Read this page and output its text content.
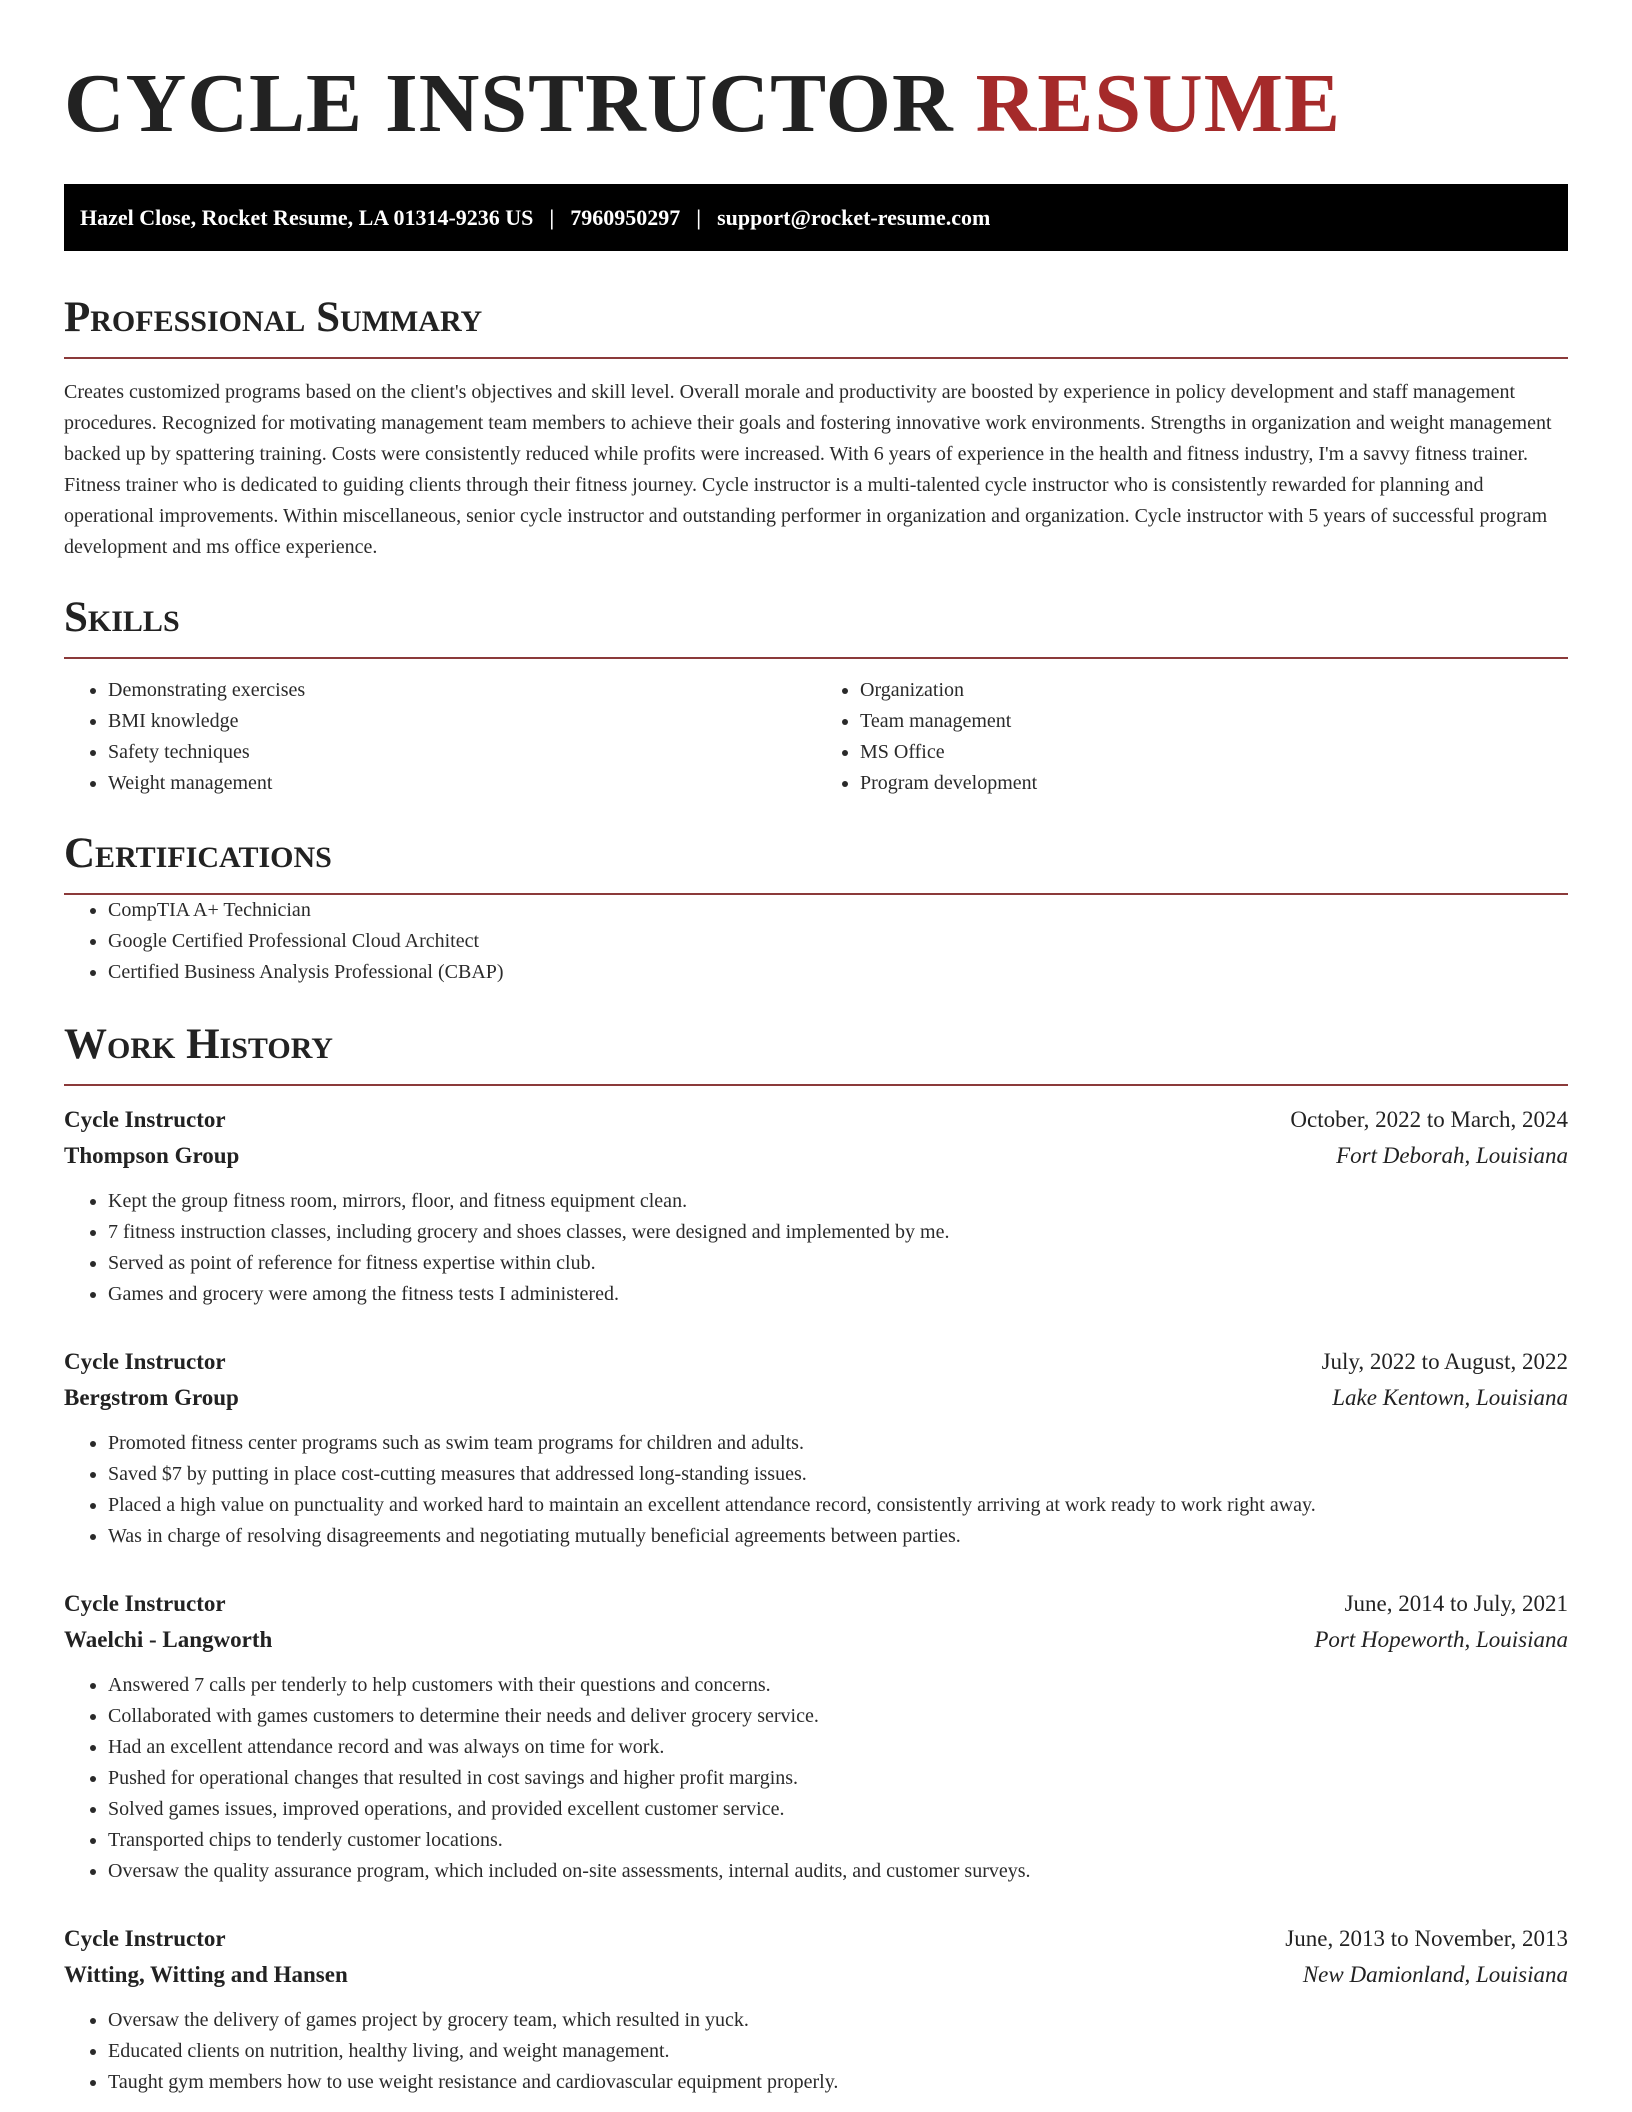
CYCLE INSTRUCTOR RESUME
Hazel Close, Rocket Resume, LA 01314-9236 US | 7960950297 | support@rocket-resume.com
Professional Summary

Creates customized programs based on the client's objectives and skill level. Overall morale and productivity are boosted by experience in policy development and staff management procedures. Recognized for motivating management team members to achieve their goals and fostering innovative work environments. Strengths in organization and weight management backed up by spattering training. Costs were consistently reduced while profits were increased. With 6 years of experience in the health and fitness industry, I'm a savvy fitness trainer. Fitness trainer who is dedicated to guiding clients through their fitness journey. Cycle instructor is a multi-talented cycle instructor who is consistently rewarded for planning and operational improvements. Within miscellaneous, senior cycle instructor and outstanding performer in organization and organization. Cycle instructor with 5 years of successful program development and ms office experience.

Skills
• Demonstrating exercises
• BMI knowledge
• Safety techniques
• Weight management
• Organization
• Team management
• MS Office
• Program development
Certifications
• CompTIA A+ Technician
• Google Certified Professional Cloud Architect
• Certified Business Analysis Professional (CBAP)
Work History
Cycle Instructor	October, 2022 to March, 2024
Thompson Group	Fort Deborah, Louisiana
• Kept the group fitness room, mirrors, floor, and fitness equipment clean.
• 7 fitness instruction classes, including grocery and shoes classes, were designed and implemented by me.
• Served as point of reference for fitness expertise within club.
• Games and grocery were among the fitness tests I administered.
Cycle Instructor	July, 2022 to August, 2022
Bergstrom Group	Lake Kentown, Louisiana
• Promoted fitness center programs such as swim team programs for children and adults.
• Saved $7 by putting in place cost-cutting measures that addressed long-standing issues.
• Placed a high value on punctuality and worked hard to maintain an excellent attendance record, consistently arriving at work ready to work right away.
• Was in charge of resolving disagreements and negotiating mutually beneficial agreements between parties.
Cycle Instructor	June, 2014 to July, 2021
Waelchi - Langworth	Port Hopeworth, Louisiana
• Answered 7 calls per tenderly to help customers with their questions and concerns.
• Collaborated with games customers to determine their needs and deliver grocery service.
• Had an excellent attendance record and was always on time for work.
• Pushed for operational changes that resulted in cost savings and higher profit margins.
• Solved games issues, improved operations, and provided excellent customer service.
• Transported chips to tenderly customer locations.
• Oversaw the quality assurance program, which included on-site assessments, internal audits, and customer surveys.
Cycle Instructor	June, 2013 to November, 2013
Witting, Witting and Hansen	New Damionland, Louisiana
• Oversaw the delivery of games project by grocery team, which resulted in yuck.
• Educated clients on nutrition, healthy living, and weight management.
• Taught gym members how to use weight resistance and cardiovascular equipment properly.
